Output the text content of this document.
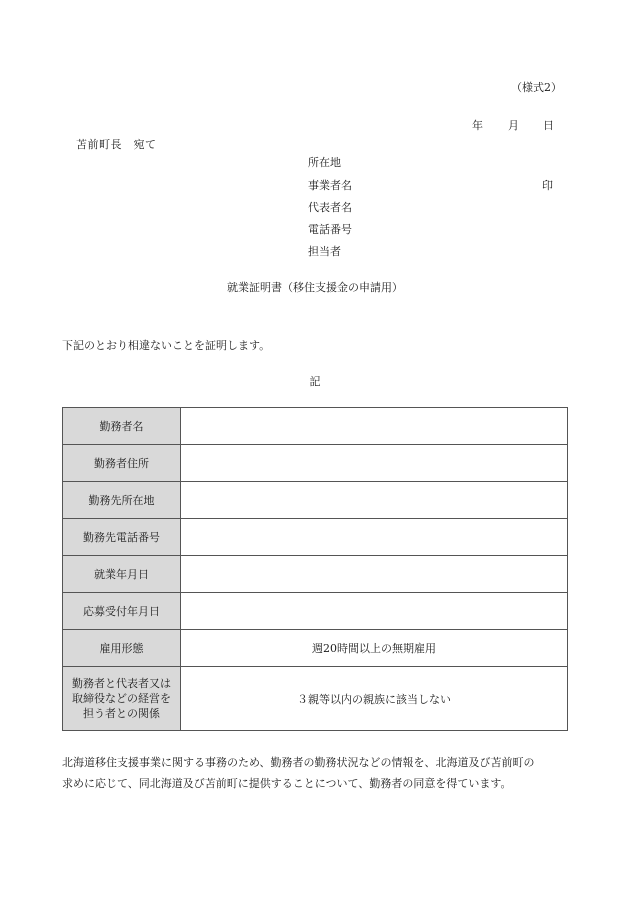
（様式2）
年 月 日
苫前町長　宛て
所在地
事業者名
代表者名
電話番号
担当者
印
就業証明書（移住支援金の申請用）
下記のとおり相違ないことを証明します。
記
勤務者名	
勤務者住所	
勤務先所在地	
勤務先電話番号	
就業年月日	
応募受付年月日	
雇用形態	週20時間以上の無期雇用
勤務者と代表者又は
取締役などの経営を
担う者との関係	３親等以内の親族に該当しない
北海道移住支援事業に関する事務のため、勤務者の勤務状況などの情報を、北海道及び苫前町の
求めに応じて、同北海道及び苫前町に提供することについて、勤務者の同意を得ています。
